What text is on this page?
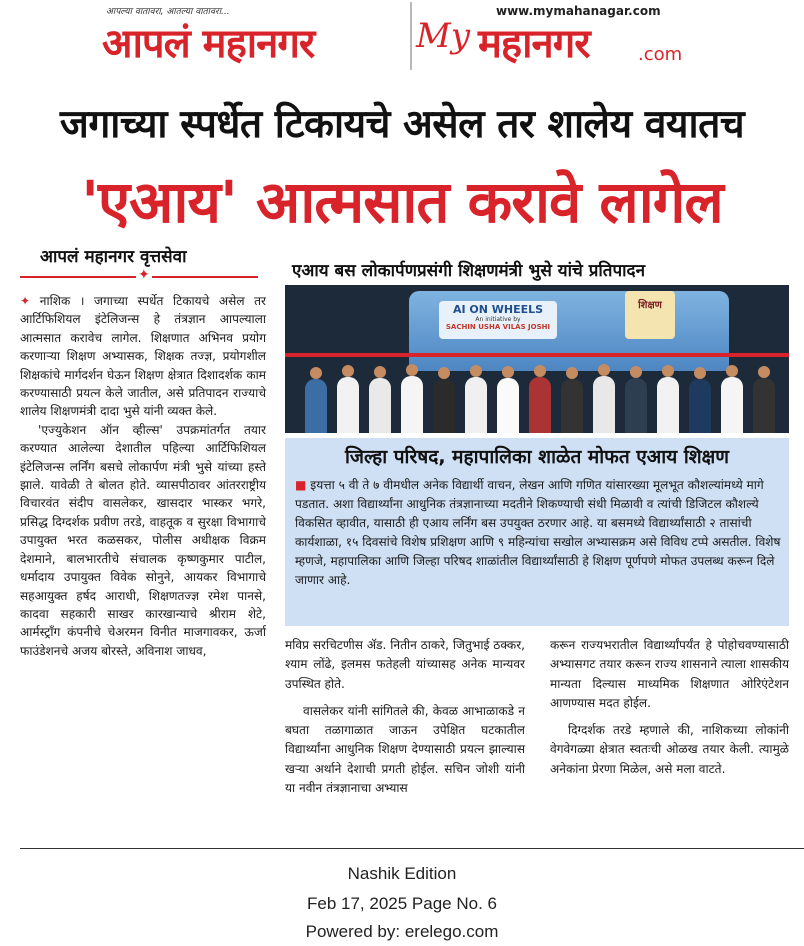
आपल्या वातावरा, आतल्या वातावरा...
आपलं महानगर
www.mymahanagar.com
My महानगर	.com
जगाच्या स्पर्धेत टिकायचे असेल तर शालेय वयातच
'एआय' आत्मसात करावे लागेल
आपलं महानगर वृत्तसेवा
✦	एआय बस लोकार्पणप्रसंगी शिक्षणमंत्री भुसे यांचे प्रतिपादन

✦ नाशिक । जगाच्या स्पर्धेत टिकायचे असेल तर आर्टिफिशियल इंटेलिजन्स हे तंत्रज्ञान आपल्याला आत्मसात करावेच लागेल. शिक्षणात अभिनव प्रयोग करणाऱ्या शिक्षण अभ्यासक, शिक्षक तज्ज्ञ, प्रयोगशील शिक्षकांचे मार्गदर्शन घेऊन शिक्षण क्षेत्रात दिशादर्शक काम करण्यासाठी प्रयत्न केले जातील, असे प्रतिपादन राज्याचे शालेय शिक्षणमंत्री दादा भुसे यांनी व्यक्त केले.

'एज्युकेशन ऑन व्हील्स' उपक्रमांतर्गत तयार करण्यात आलेल्या देशातील पहिल्या आर्टिफिशियल इंटेलिजन्स लर्निंग बसचे लोकार्पण मंत्री भुसे यांच्या हस्ते झाले. यावेळी ते बोलत होते. व्यासपीठावर आंतरराष्ट्रीय विचारवंत संदीप वासलेकर, खासदार भास्कर भगरे, प्रसिद्ध दिग्दर्शक प्रवीण तरडे, वाहतूक व सुरक्षा विभागाचे उपायुक्त भरत कळसकर, पोलीस अधीक्षक विक्रम देशमाने, बालभारतीचे संचालक कृष्णकुमार पाटील, धर्मादाय उपायुक्त विवेक सोनुने, आयकर विभागाचे सहआयुक्त हर्षद आराधी, शिक्षणतज्ज्ञ रमेश पानसे, कादवा सहकारी साखर कारखान्याचे श्रीराम शेटे, आर्मस्ट्राँग कंपनीचे चेअरमन विनीत माजगावकर, ऊर्जा फाउंडेशनचे अजय बोरस्ते, अविनाश जाधव,

AI ON WHEELS
An initiative by
SACHIN USHA VILAS JOSHI
शिक्षण
जिल्हा परिषद, महापालिका शाळेत मोफत एआय शिक्षण
■ इयत्ता ५ वी ते ७ वीमधील अनेक विद्यार्थी वाचन, लेखन आणि गणित यांसारख्या मूलभूत कौशल्यांमध्ये मागे पडतात. अशा विद्यार्थ्यांना आधुनिक तंत्रज्ञानाच्या मदतीने शिकण्याची संधी मिळावी व त्यांची डिजिटल कौशल्ये विकसित व्हावीत, यासाठी ही एआय लर्निंग बस उपयुक्त ठरणार आहे. या बसमध्ये विद्यार्थ्यांसाठी २ तासांची कार्यशाळा, १५ दिवसांचे विशेष प्रशिक्षण आणि ९ महिन्यांचा सखोल अभ्यासक्रम असे विविध टप्पे असतील. विशेष म्हणजे, महापालिका आणि जिल्हा परिषद शाळांतील विद्यार्थ्यांसाठी हे शिक्षण पूर्णपणे मोफत उपलब्ध करून दिले जाणार आहे.

मविप्र सरचिटणीस ॲड. नितीन ठाकरे, जितुभाई ठक्कर, श्याम लोंढे, इलमस फतेहली यांच्यासह अनेक मान्यवर उपस्थित होते.

वासलेकर यांनी सांगितले की, केवळ आभाळाकडे न बघता तळागाळात जाऊन उपेक्षित घटकातील विद्यार्थ्यांना आधुनिक शिक्षण देण्यासाठी प्रयत्न झाल्यास खऱ्या अर्थाने देशाची प्रगती होईल. सचिन जोशी यांनी या नवीन तंत्रज्ञानाचा अभ्यास

करून राज्यभरातील विद्यार्थ्यांपर्यंत हे पोहोचवण्यासाठी अभ्यासगट तयार करून राज्य शासनाने त्याला शासकीय मान्यता दिल्यास माध्यमिक शिक्षणात ओरिएंटेशन आणण्यास मदत होईल.

दिग्दर्शक तरडे म्हणाले की, नाशिकच्या लोकांनी वेगवेगळ्या क्षेत्रात स्वतःची ओळख तयार केली. त्यामुळे अनेकांना प्रेरणा मिळेल, असे मला वाटते.

Nashik Edition
Feb 17, 2025 Page No. 6
Powered by: erelego.com
